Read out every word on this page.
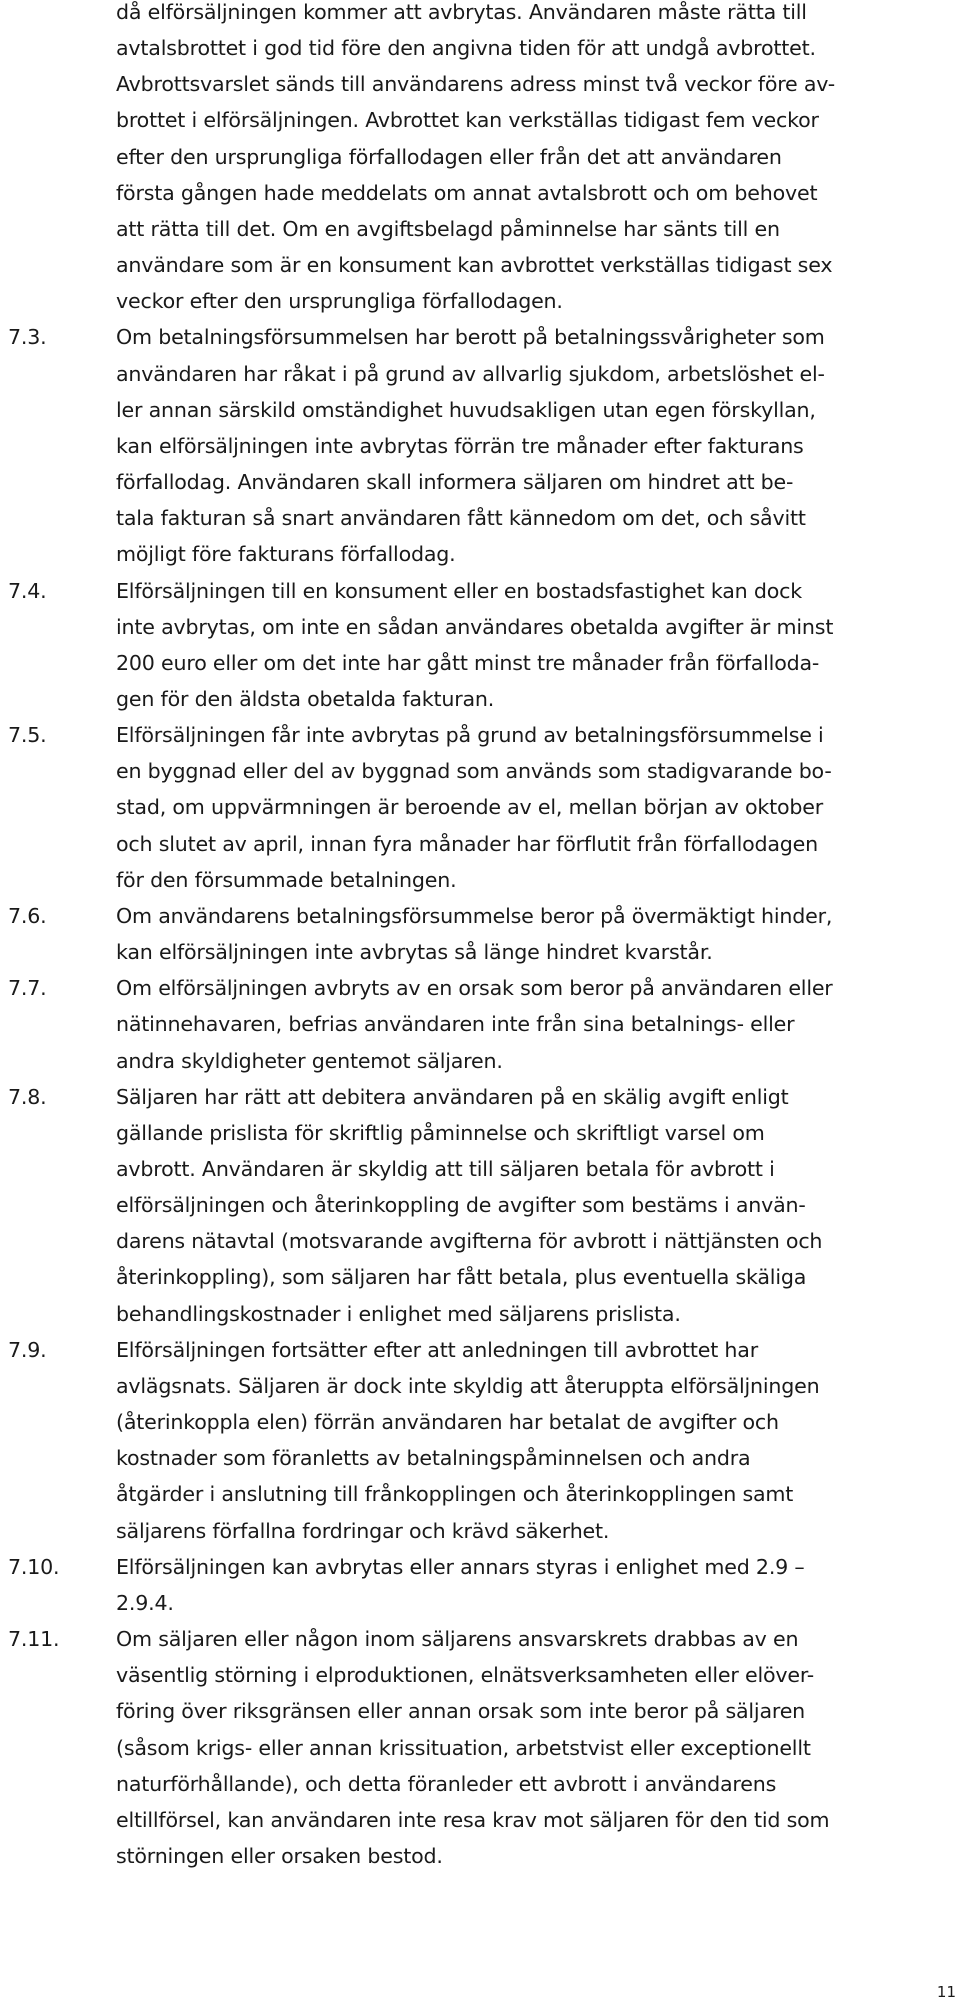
då elförsäljningen kommer att avbrytas. Användaren måste rätta till
avtalsbrottet i god tid före den angivna tiden för att undgå avbrottet.
Avbrottsvarslet sänds till användarens adress minst två veckor före av-
brottet i elförsäljningen. Avbrottet kan verkställas tidigast fem veckor
efter den ursprungliga förfallodagen eller från det att användaren
första gången hade meddelats om annat avtalsbrott och om behovet
att rätta till det. Om en avgiftsbelagd påminnelse har sänts till en
användare som är en konsument kan avbrottet verkställas tidigast sex
veckor efter den ursprungliga förfallodagen.
7.3.	Om betalningsförsummelsen har berott på betalningssvårigheter som
användaren har råkat i på grund av allvarlig sjukdom, arbetslöshet el-
ler annan särskild omständighet huvudsakligen utan egen förskyllan,
kan elförsäljningen inte avbrytas förrän tre månader efter fakturans
förfallodag. Användaren skall informera säljaren om hindret att be-
tala fakturan så snart användaren fått kännedom om det, och såvitt
möjligt före fakturans förfallodag.
7.4.	Elförsäljningen till en konsument eller en bostadsfastighet kan dock
inte avbrytas, om inte en sådan användares obetalda avgifter är minst
200 euro eller om det inte har gått minst tre månader från förfalloda-
gen för den äldsta obetalda fakturan.
7.5.	Elförsäljningen får inte avbrytas på grund av betalningsförsummelse i
en byggnad eller del av byggnad som används som stadigvarande bo-
stad, om uppvärmningen är beroende av el, mellan början av oktober
och slutet av april, innan fyra månader har förflutit från förfallodagen
för den försummade betalningen.
7.6.	Om användarens betalningsförsummelse beror på övermäktigt hinder,
kan elförsäljningen inte avbrytas så länge hindret kvarstår.
7.7.	Om elförsäljningen avbryts av en orsak som beror på användaren eller
nätinnehavaren, befrias användaren inte från sina betalnings- eller
andra skyldigheter gentemot säljaren.
7.8.	Säljaren har rätt att debitera användaren på en skälig avgift enligt
gällande prislista för skriftlig påminnelse och skriftligt varsel om
avbrott. Användaren är skyldig att till säljaren betala för avbrott i
elförsäljningen och återinkoppling de avgifter som bestäms i använ-
darens nätavtal (motsvarande avgifterna för avbrott i nättjänsten och
återinkoppling), som säljaren har fått betala, plus eventuella skäliga
behandlingskostnader i enlighet med säljarens prislista.
7.9.	Elförsäljningen fortsätter efter att anledningen till avbrottet har
avlägsnats. Säljaren är dock inte skyldig att återuppta elförsäljningen
(återinkoppla elen) förrän användaren har betalat de avgifter och
kostnader som föranletts av betalningspåminnelsen och andra
åtgärder i anslutning till frånkopplingen och återinkopplingen samt
säljarens förfallna fordringar och krävd säkerhet.
7.10.	Elförsäljningen kan avbrytas eller annars styras i enlighet med 2.9 –
2.9.4.
7.11.	Om säljaren eller någon inom säljarens ansvarskrets drabbas av en
väsentlig störning i elproduktionen, elnätsverksamheten eller elöver-
föring över riksgränsen eller annan orsak som inte beror på säljaren
(såsom krigs- eller annan krissituation, arbetstvist eller exceptionellt
naturförhållande), och detta föranleder ett avbrott i användarens
eltillförsel, kan användaren inte resa krav mot säljaren för den tid som
störningen eller orsaken bestod.
11
